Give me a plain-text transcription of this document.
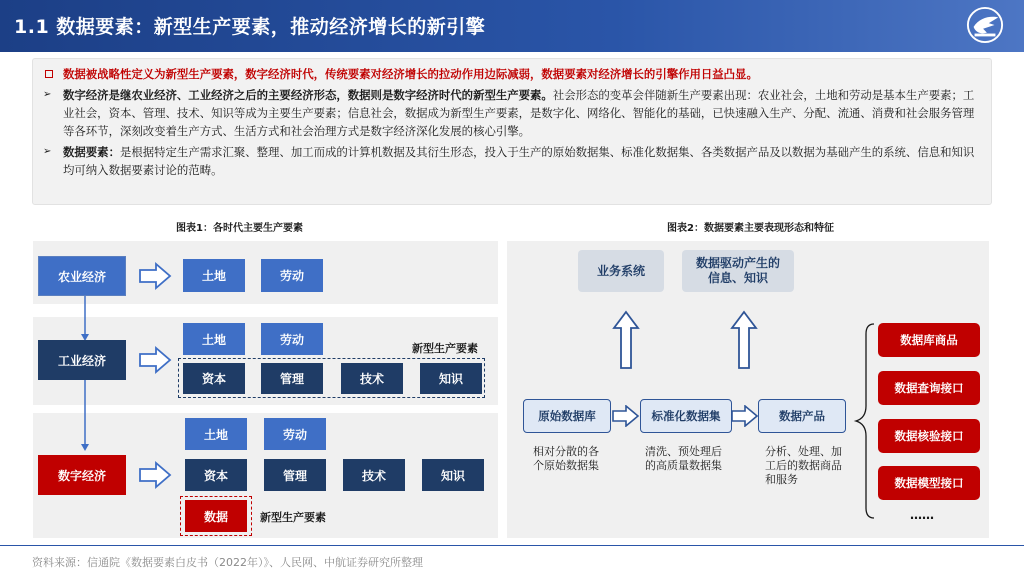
1.1 数据要素：新型生产要素，推动经济增长的新引擎
数据被战略性定义为新型生产要素，数字经济时代，传统要素对经济增长的拉动作用边际减弱，数据要素对经济增长的引擎作用日益凸显。
➢ 数字经济是继农业经济、工业经济之后的主要经济形态，数据则是数字经济时代的新型生产要素。社会形态的变革会伴随新生产要素出现：农业社会，土地和劳动是基本生产要素；工业社会，资本、管理、技术、知识等成为主要生产要素；信息社会，数据成为新型生产要素，是数字化、网络化、智能化的基础，已快速融入生产、分配、流通、消费和社会服务管理等各环节，深刻改变着生产方式、生活方式和社会治理方式是数字经济深化发展的核心引擎。
➢ 数据要素：是根据特定生产需求汇聚、整理、加工而成的计算机数据及其衍生形态，投入于生产的原始数据集、标准化数据集、各类数据产品及以数据为基础产生的系统、信息和知识均可纳入数据要素讨论的范畴。
图表1：各时代主要生产要素	图表2：数据要素主要表现形态和特征
农业经济	土地	劳动
工业经济
土地	劳动
新型生产要素
资本	管理	技术	知识
数字经济
土地	劳动
资本	管理	技术	知识
数据	新型生产要素
业务系统
数据驱动产生的
信息、知识
原始数据库	标准化数据集	数据产品
相对分散的各
个原始数据集
清洗、预处理后
的高质量数据集
分析、处理、加
工后的数据商品
和服务
数据库商品
数据查询接口
数据核验接口
数据模型接口
……
资料来源：信通院《数据要素白皮书（2022年）》、人民网、中航证券研究所整理
